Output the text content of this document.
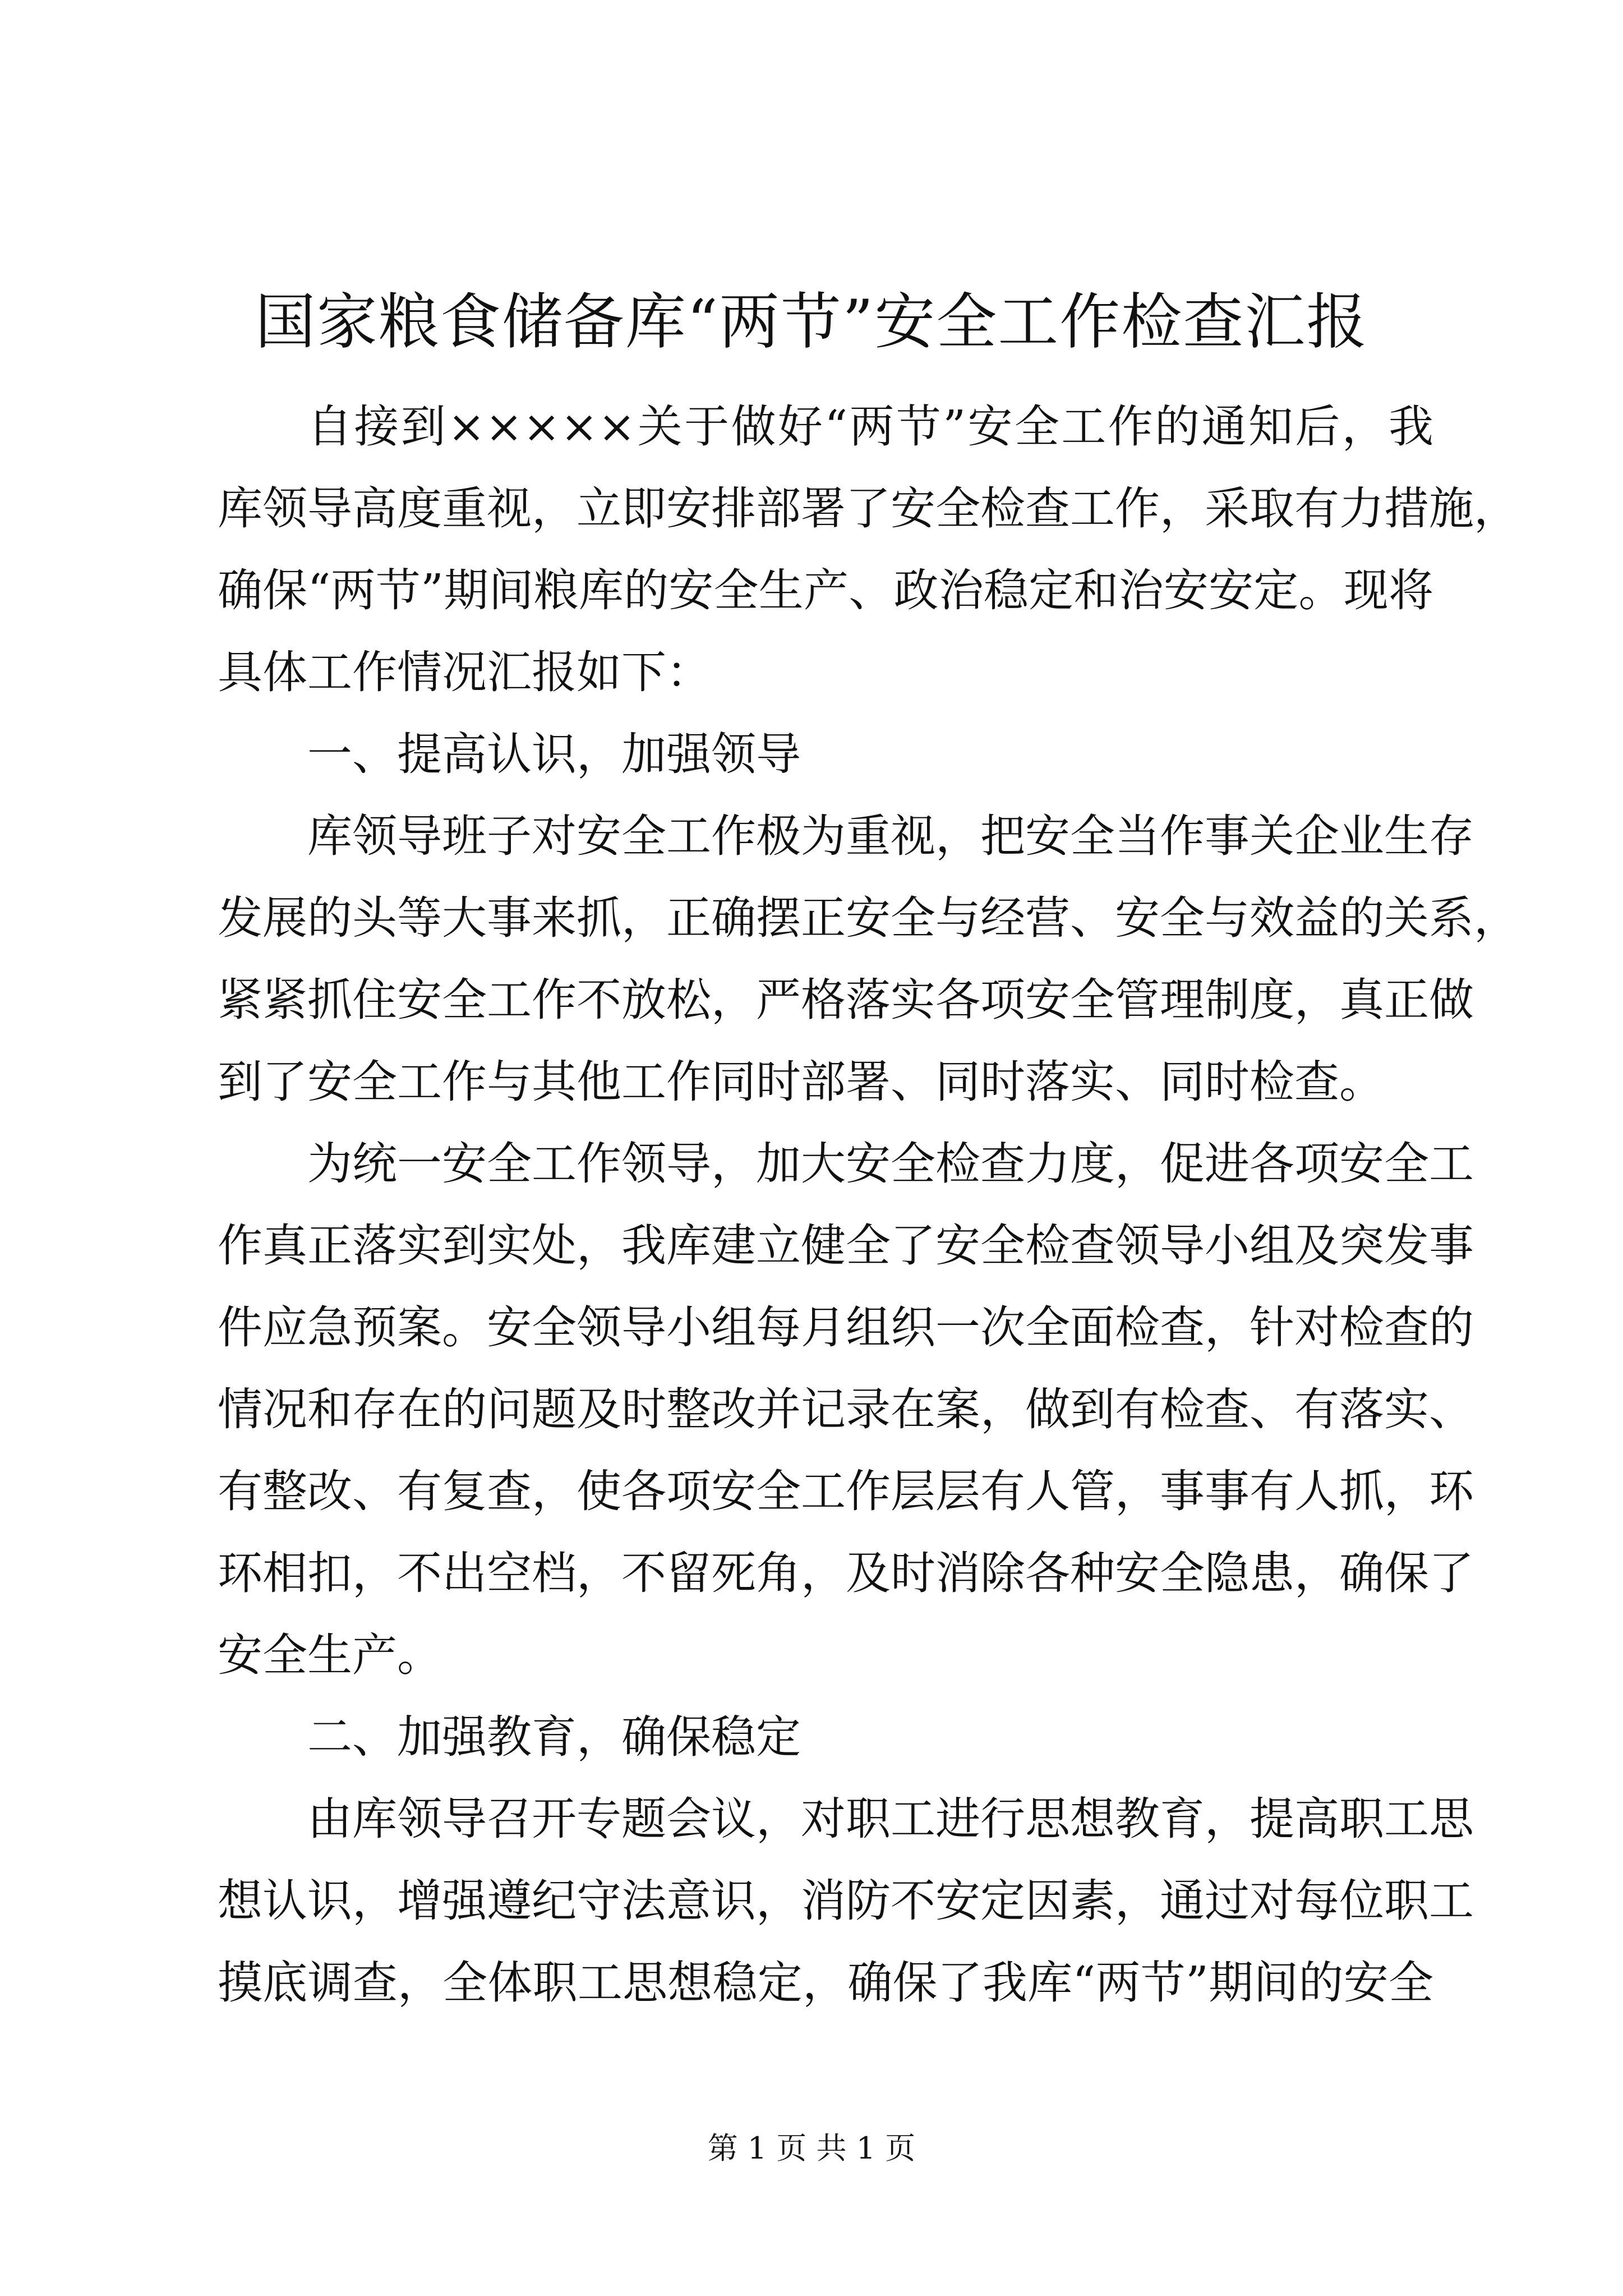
国家粮食储备库“两节”安全工作检查汇报
自接到×××××关于做好“两节”安全工作的通知后，我
库领导高度重视，立即安排部署了安全检查工作，采取有力措施，
确保“两节”期间粮库的安全生产、政治稳定和治安安定。现将
具体工作情况汇报如下：
一、提高认识，加强领导
库领导班子对安全工作极为重视，把安全当作事关企业生存
发展的头等大事来抓，正确摆正安全与经营、安全与效益的关系，
紧紧抓住安全工作不放松，严格落实各项安全管理制度，真正做
到了安全工作与其他工作同时部署、同时落实、同时检查。
为统一安全工作领导，加大安全检查力度，促进各项安全工
作真正落实到实处，我库建立健全了安全检查领导小组及突发事
件应急预案。安全领导小组每月组织一次全面检查，针对检查的
情况和存在的问题及时整改并记录在案，做到有检查、有落实、
有整改、有复查，使各项安全工作层层有人管，事事有人抓，环
环相扣，不出空档，不留死角，及时消除各种安全隐患，确保了
安全生产。
二、加强教育，确保稳定
由库领导召开专题会议，对职工进行思想教育，提高职工思
想认识，增强遵纪守法意识，消防不安定因素，通过对每位职工
摸底调查，全体职工思想稳定，确保了我库“两节”期间的安全
第 1 页 共 1 页
